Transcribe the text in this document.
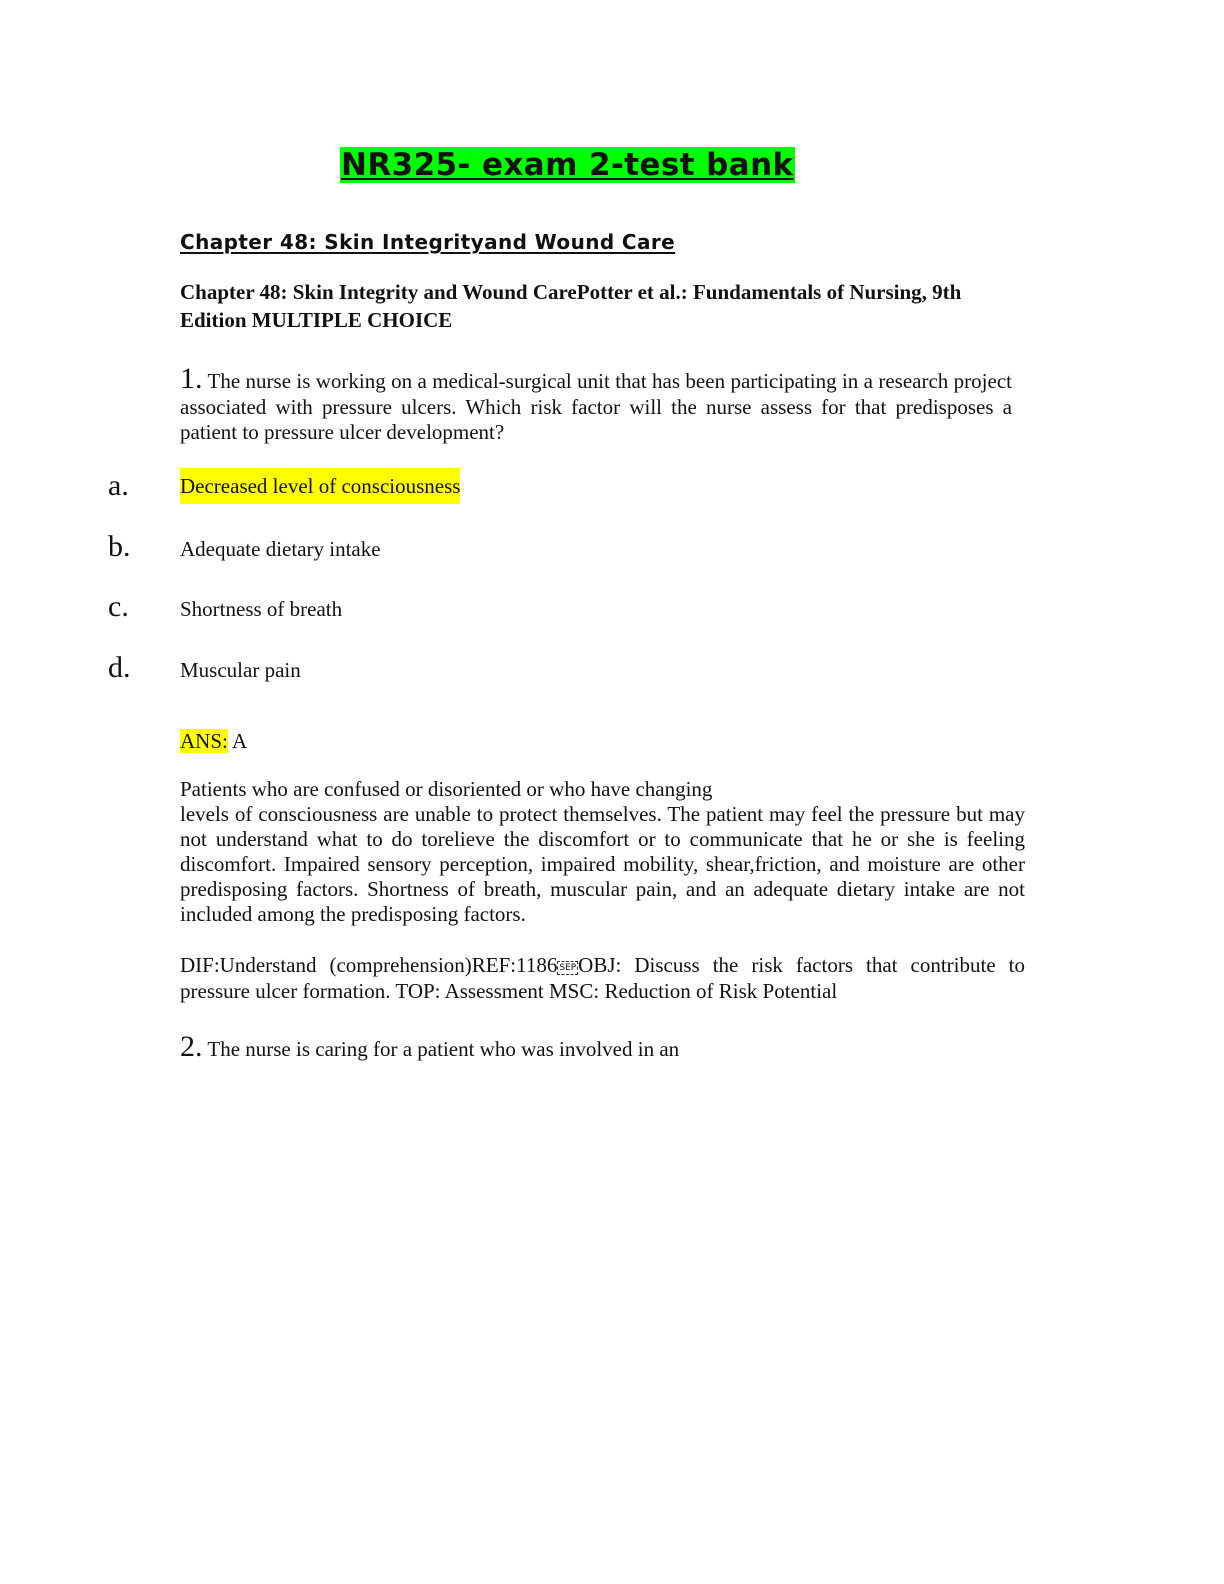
NR325- exam 2-test bank
Chapter 48: Skin Integrityand Wound Care

Chapter 48: Skin Integrity and Wound CarePotter et al.: Fundamentals of Nursing, 9th Edition MULTIPLE CHOICE

1. The nurse is working on a medical-surgical unit that has been participating in a research project associated with pressure ulcers. Which risk factor will the nurse assess for that predisposes a patient to pressure ulcer development?

a. Decreased level of consciousness
b. Adequate dietary intake
c. Shortness of breath
d. Muscular pain
ANS: A

Patients who are confused or disoriented or who have changing
levels of consciousness are unable to protect themselves. The patient may feel the pressure but may not understand what to do torelieve the discomfort or to communicate that he or she is feeling discomfort. Impaired sensory perception, impaired mobility, shear,friction, and moisture are other predisposing factors. Shortness of breath, muscular pain, and an adequate dietary intake are not included among the predisposing factors.

DIF:Understand (comprehension)REF:1186 SEPOBJ: Discuss the risk factors that contribute to pressure ulcer formation. TOP: Assessment MSC: Reduction of Risk Potential

2. The nurse is caring for a patient who was involved in an
